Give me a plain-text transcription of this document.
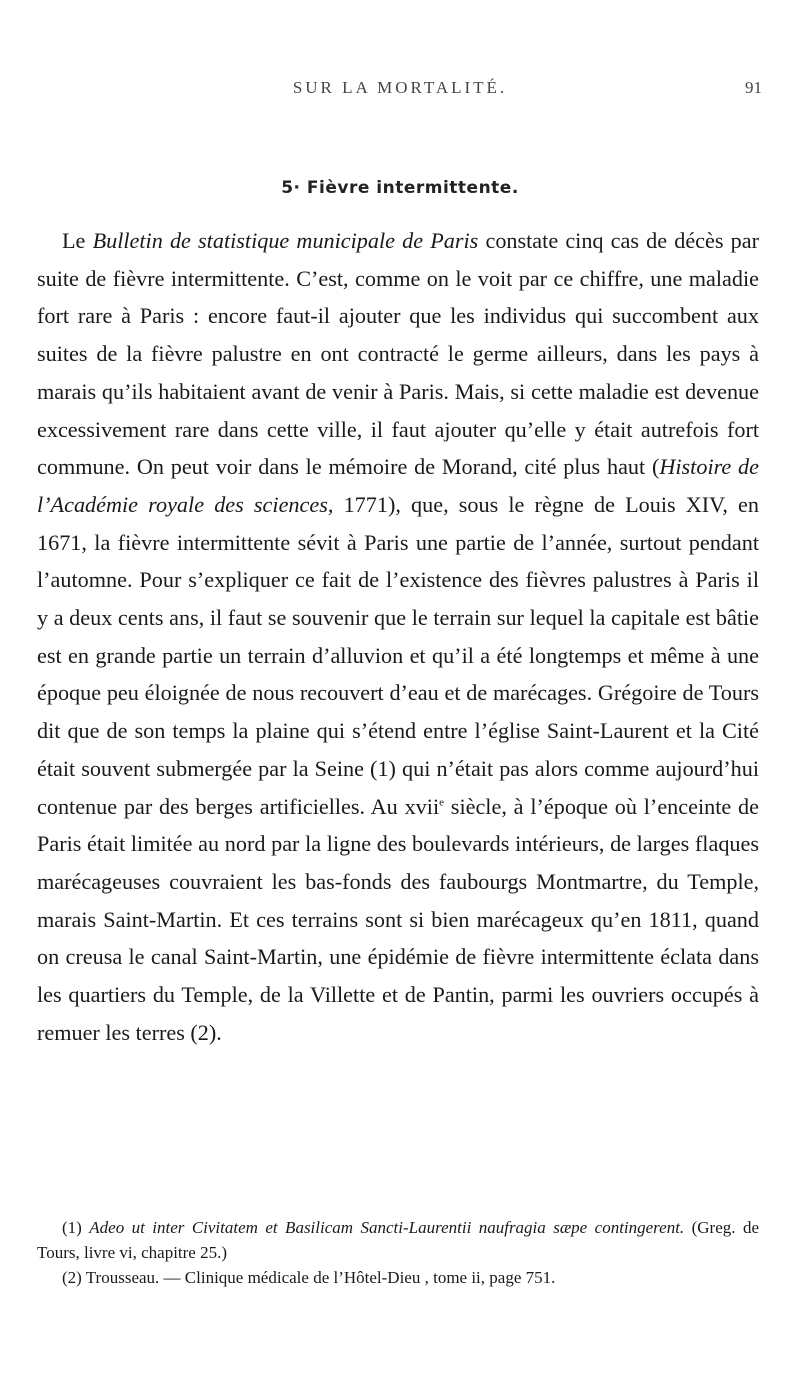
SUR LA MORTALITÉ.	91
5· Fièvre intermittente.

Le Bulletin de statistique municipale de Paris constate cinq cas de décès par suite de fièvre intermittente. C’est, comme on le voit par ce chiffre, une maladie fort rare à Paris : encore faut-il ajouter que les individus qui succombent aux suites de la fièvre palustre en ont contracté le germe ailleurs, dans les pays à marais qu’ils habitaient avant de venir à Paris. Mais, si cette maladie est devenue excessivement rare dans cette ville, il faut ajouter qu’elle y était autrefois fort commune. On peut voir dans le mémoire de Morand, cité plus haut (Histoire de l’Académie royale des sciences, 1771), que, sous le règne de Louis XIV, en 1671, la fièvre intermittente sévit à Paris une partie de l’année, surtout pendant l’automne. Pour s’expliquer ce fait de l’existence des fièvres palustres à Paris il y a deux cents ans, il faut se souvenir que le terrain sur lequel la capitale est bâtie est en grande partie un terrain d’alluvion et qu’il a été longtemps et même à une époque peu éloignée de nous recouvert d’eau et de marécages. Grégoire de Tours dit que de son temps la plaine qui s’étend entre l’église Saint-Laurent et la Cité était souvent submergée par la Seine (1) qui n’était pas alors comme aujourd’hui contenue par des berges artificielles. Au xvii$^e$ siècle, à l’époque où l’enceinte de Paris était limitée au nord par la ligne des boulevards intérieurs, de larges flaques marécageuses couvraient les bas-fonds des faubourgs Montmartre, du Temple, marais Saint-Martin. Et ces terrains sont si bien marécageux qu’en 1811, quand on creusa le canal Saint-Martin, une épidémie de fièvre intermittente éclata dans les quartiers du Temple, de la Villette et de Pantin, parmi les ouvriers occupés à remuer les terres (2).

(1) Adeo ut inter Civitatem et Basilicam Sancti-Laurentii naufragia sæpe contingerent. (Greg. de Tours, livre vi, chapitre 25.)

(2) Trousseau. — Clinique médicale de l’Hôtel-Dieu , tome ii, page 751.
